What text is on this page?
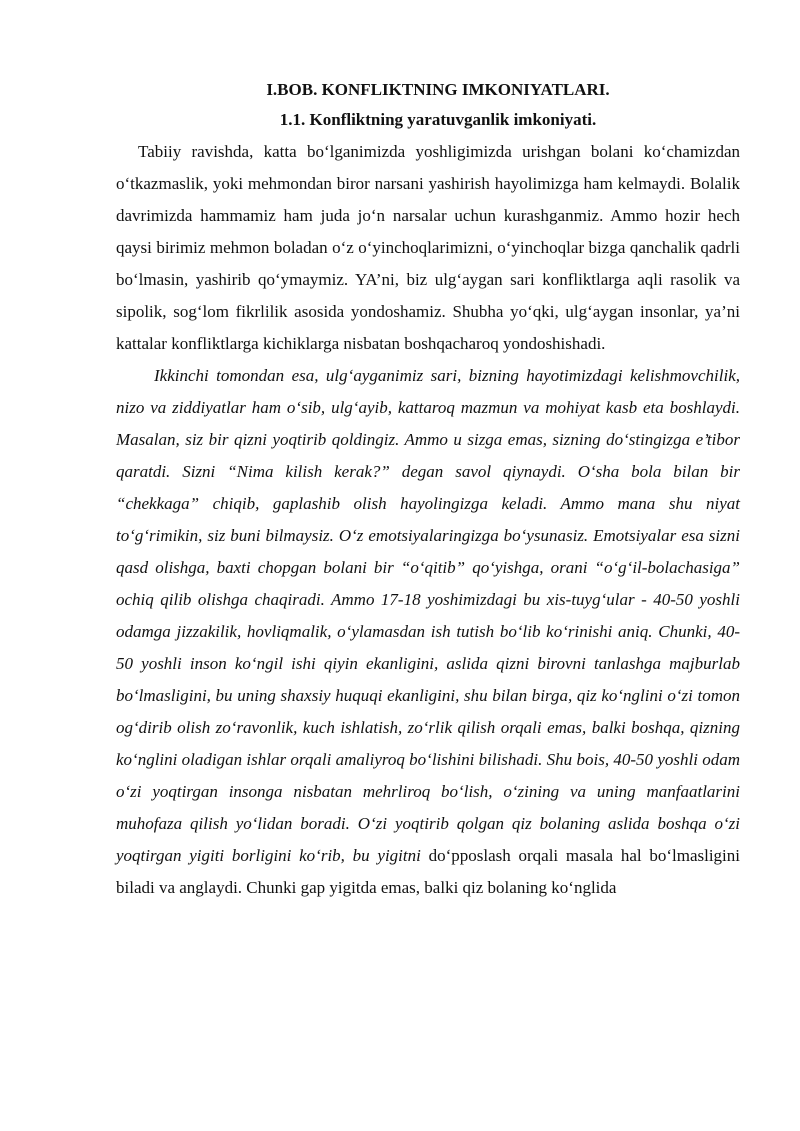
I.BOB. KONFLIKTNING IMKONIYATLARI.
1.1. Konfliktning yaratuvganlik imkoniyati.

Tabiiy ravishda, katta bo‘lganimizda yoshligimizda urishgan bolani ko‘chamizdan o‘tkazmaslik, yoki mehmondan biror narsani yashirish hayolimizga ham kelmaydi. Bolalik davrimizda hammamiz ham juda jo‘n narsalar uchun kurashganmiz. Ammo hozir hech qaysi birimiz mehmon boladan o‘z o‘yinchoqlarimizni, o‘yinchoqlar bizga qanchalik qadrli bo‘lmasin, yashirib qo‘ymaymiz. YA’ni, biz ulg‘aygan sari konfliktlarga aqli rasolik va sipolik, sog‘lom fikrlilik asosida yondoshamiz. Shubha yo‘qki, ulg‘aygan insonlar, ya’ni kattalar konfliktlarga kichiklarga nisbatan boshqacharoq yondoshishadi.

Ikkinchi tomondan esa, ulg‘ayganimiz sari, bizning hayotimizdagi kelishmovchilik, nizo va ziddiyatlar ham o‘sib, ulg‘ayib, kattaroq mazmun va mohiyat kasb eta boshlaydi. Masalan, siz bir qizni yoqtirib qoldingiz. Ammo u sizga emas, sizning do‘stingizga e’tibor qaratdi. Sizni “Nima kilish kerak?” degan savol qiynaydi. O‘sha bola bilan bir “chekkaga” chiqib, gaplashib olish hayolingizga keladi. Ammo mana shu niyat to‘g‘rimikin, siz buni bilmaysiz. O‘z emotsiyalaringizga bo‘ysunasiz. Emotsiyalar esa sizni qasd olishga, baxti chopgan bolani bir “o‘qitib” qo‘yishga, orani “o‘g‘il-bolachasiga” ochiq qilib olishga chaqiradi. Ammo 17-18 yoshimizdagi bu xis-tuyg‘ular - 40-50 yoshli odamga jizzakilik, hovliqmalik, o‘ylamasdan ish tutish bo‘lib ko‘rinishi aniq. Chunki, 40-50 yoshli inson ko‘ngil ishi qiyin ekanligini, aslida qizni birovni tanlashga majburlab bo‘lmasligini, bu uning shaxsiy huquqi ekanligini, shu bilan birga, qiz ko‘nglini o‘zi tomon og‘dirib olish zo‘ravonlik, kuch ishlatish, zo‘rlik qilish orqali emas, balki boshqa, qizning ko‘nglini oladigan ishlar orqali amaliyroq bo‘lishini bilishadi. Shu bois, 40-50 yoshli odam o‘zi yoqtirgan insonga nisbatan mehrliroq bo‘lish, o‘zining va uning manfaatlarini muhofaza qilish yo‘lidan boradi. O‘zi yoqtirib qolgan qiz bolaning aslida boshqa o‘zi yoqtirgan yigiti borligini ko‘rib, bu yigitni do‘pposlash orqali masala hal bo‘lmasligini biladi va anglaydi. Chunki gap yigitda emas, balki qiz bolaning ko‘nglida
